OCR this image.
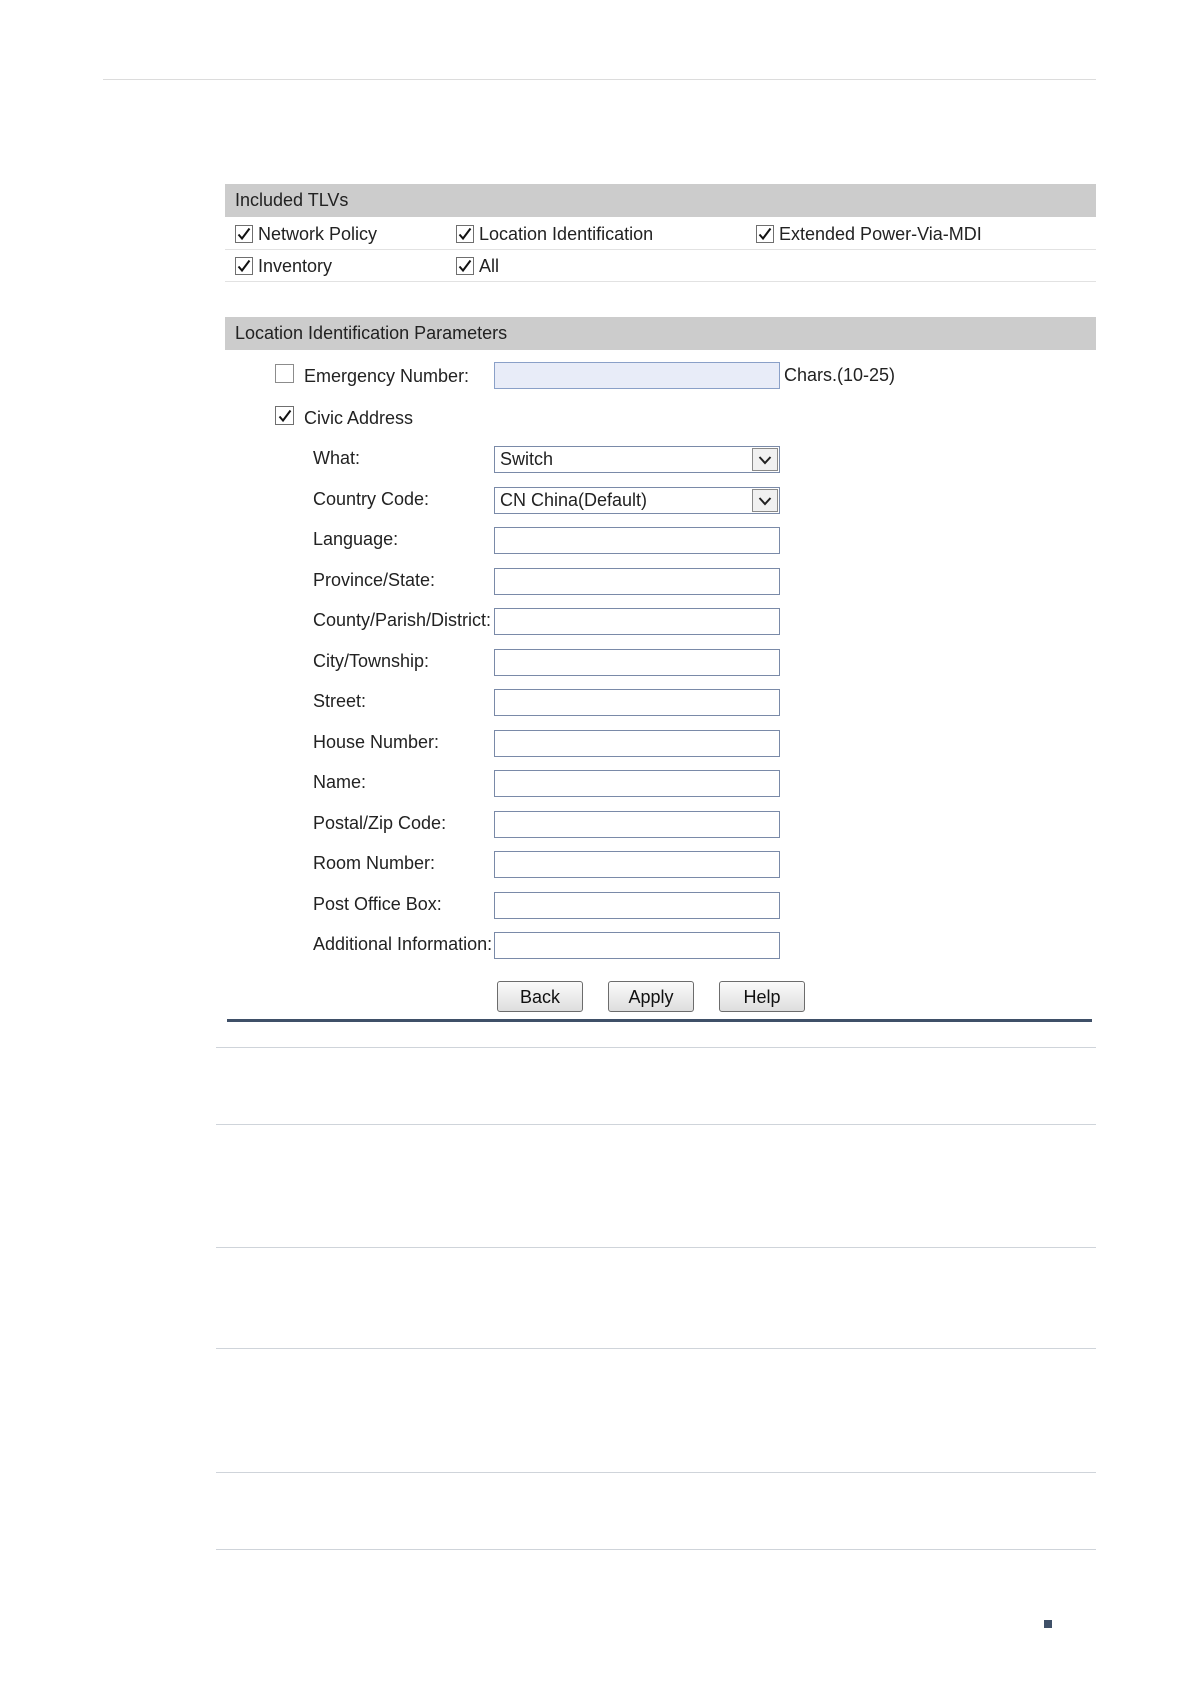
Included TLVs
Network Policy	Location Identification	Extended Power-Via-MDI
Inventory	All
Location Identification Parameters
Emergency Number:	Chars.(10-25)
Civic Address
What:	Switch
Country Code:	CN China(Default)
Language:
Province/State:
County/Parish/District:
City/Township:
Street:
House Number:
Name:
Postal/Zip Code:
Room Number:
Post Office Box:
Additional Information:
Back	Apply	Help
